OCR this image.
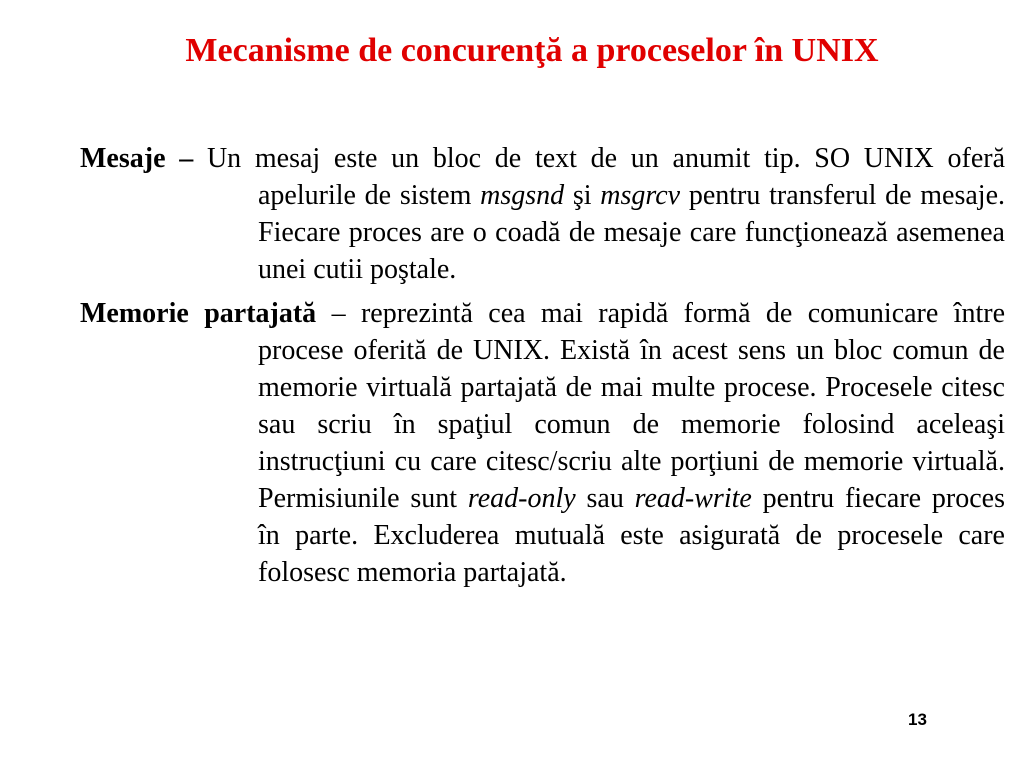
Mecanisme de concurenţă a proceselor în UNIX

Mesaje – Un mesaj este un bloc de text de un anumit tip. SO UNIX oferă apelurile de sistem msgsnd şi msgrcv pentru transferul de mesaje. Fiecare proces are o coadă de mesaje care funcţionează asemenea unei cutii poştale.

Memorie partajată – reprezintă cea mai rapidă formă de comunicare între procese oferită de UNIX. Există în acest sens un bloc comun de memorie virtuală partajată de mai multe procese. Procesele citesc sau scriu în spaţiul comun de memorie folosind aceleaşi instrucţiuni cu care citesc/scriu alte porţiuni de memorie virtuală. Permisiunile sunt read-only sau read-write pentru fiecare proces în parte. Excluderea mutuală este asigurată de procesele care folosesc memoria partajată.

13
